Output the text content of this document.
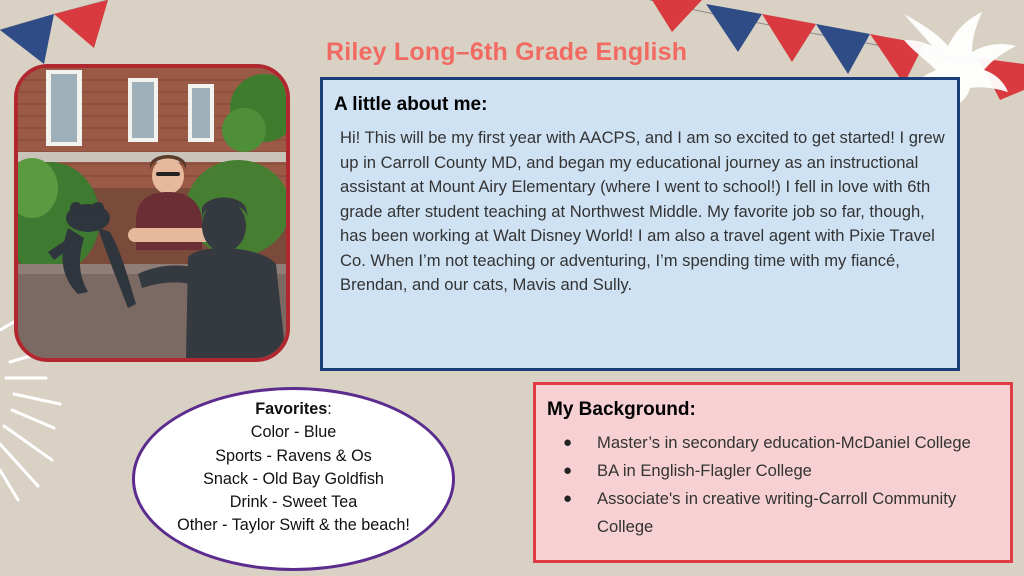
Riley Long–6th Grade English
A little about me:
Hi! This will be my first year with AACPS, and I am so excited to get started! I grew up in Carroll County MD, and began my educational journey as an instructional assistant at Mount Airy Elementary (where I went to school!) I fell in love with 6th grade after student teaching at Northwest Middle. My favorite job so far, though, has been working at Walt Disney World! I am also a travel agent with Pixie Travel Co. When I’m not teaching or adventuring, I’m spending time with my fiancé, Brendan, and our cats, Mavis and Sully.
Favorites:
Color - Blue
Sports - Ravens & Os
Snack - Old Bay Goldfish
Drink - Sweet Tea
Other - Taylor Swift & the beach!
My Background:
● Master’s in secondary education-McDaniel College
● BA in English-Flagler College
● Associate's in creative writing-Carroll Community College
